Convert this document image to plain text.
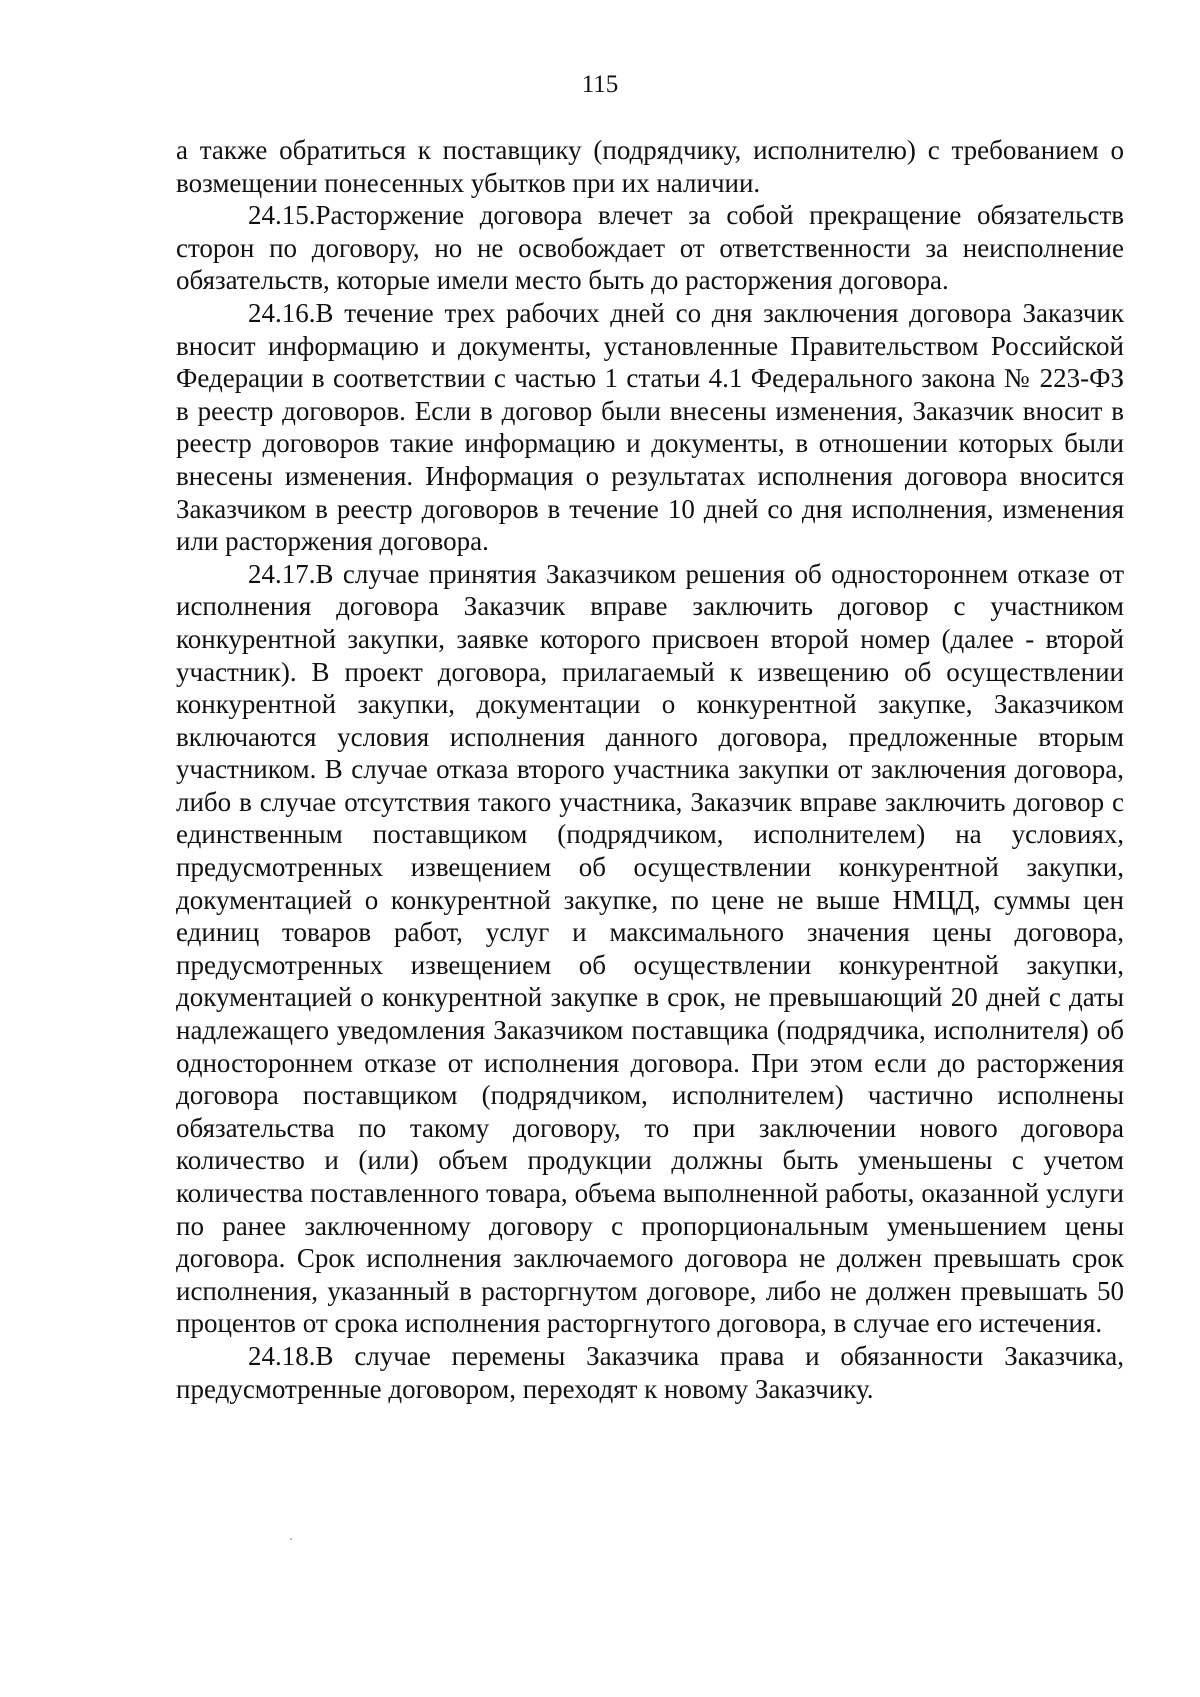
115

а также обратиться к поставщику (подрядчику, исполнителю) с требованием о возмещении понесенных убытков при их наличии.

24.15.Расторжение договора влечет за собой прекращение обязательств сторон по договору, но не освобождает от ответственности за неисполнение обязательств, которые имели место быть до расторжения договора.

24.16.В течение трех рабочих дней со дня заключения договора Заказчик вносит информацию и документы, установленные Правительством Российской Федерации в соответствии с частью 1 статьи 4.1 Федерального закона № 223-ФЗ в реестр договоров. Если в договор были внесены изменения, Заказчик вносит в реестр договоров такие информацию и документы, в отношении которых были внесены изменения. Информация о результатах исполнения договора вносится Заказчиком в реестр договоров в течение 10 дней со дня исполнения, изменения или расторжения договора.

24.17.В случае принятия Заказчиком решения об одностороннем отказе от исполнения договора Заказчик вправе заключить договор с участником конкурентной закупки, заявке которого присвоен второй номер (далее - второй участник). В проект договора, прилагаемый к извещению об осуществлении конкурентной закупки, документации о конкурентной закупке, Заказчиком включаются условия исполнения данного договора, предложенные вторым участником. В случае отказа второго участника закупки от заключения договора, либо в случае отсутствия такого участника, Заказчик вправе заключить договор с единственным поставщиком (подрядчиком, исполнителем) на условиях, предусмотренных извещением об осуществлении конкурентной закупки, документацией о конкурентной закупке, по цене не выше НМЦД, суммы цен единиц товаров работ, услуг и максимального значения цены договора, предусмотренных извещением об осуществлении конкурентной закупки, документацией о конкурентной закупке в срок, не превышающий 20 дней с даты надлежащего уведомления Заказчиком поставщика (подрядчика, исполнителя) об одностороннем отказе от исполнения договора. При этом если до расторжения договора поставщиком (подрядчиком, исполнителем) частично исполнены обязательства по такому договору, то при заключении нового договора количество и (или) объем продукции должны быть уменьшены с учетом количества поставленного товара, объема выполненной работы, оказанной услуги по ранее заключенному договору с пропорциональным уменьшением цены договора. Срок исполнения заключаемого договора не должен превышать срок исполнения, указанный в расторгнутом договоре, либо не должен превышать 50 процентов от срока исполнения расторгнутого договора, в случае его истечения.

24.18.В случае перемены Заказчика права и обязанности Заказчика, предусмотренные договором, переходят к новому Заказчику.
